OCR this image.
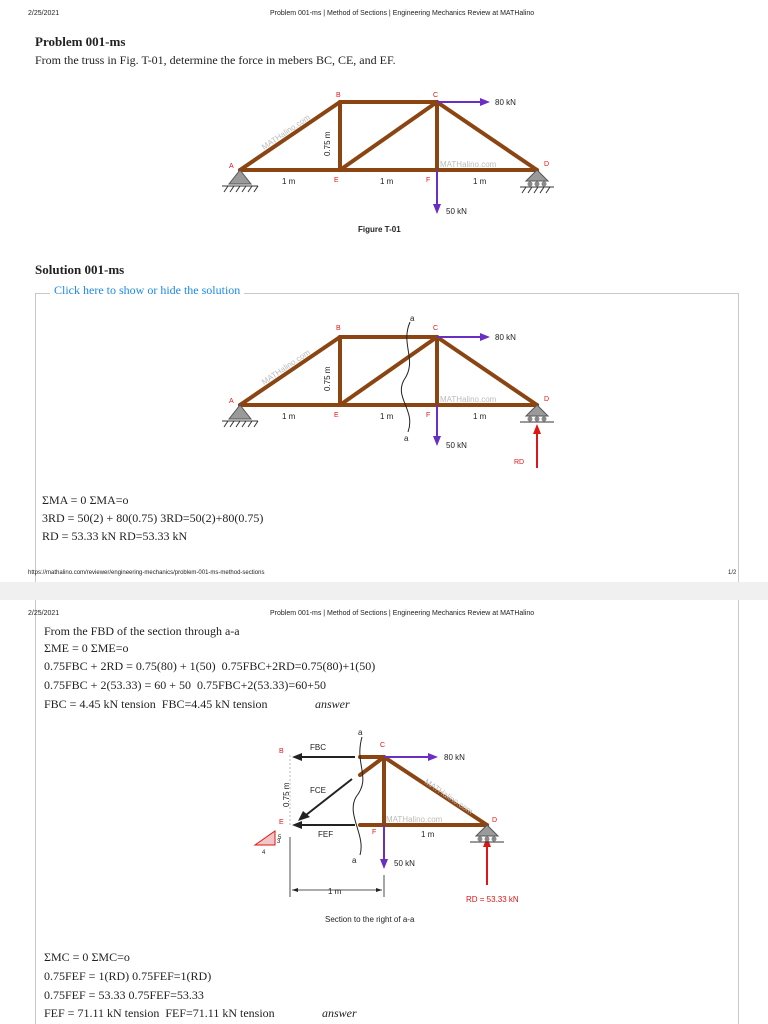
2/25/2021	Problem 001-ms | Method of Sections | Engineering Mechanics Review at MATHalino
Problem 001-ms
From the truss in Fig. T-01, determine the force in mebers BC, CE, and EF.
A
B	C
D
E	F
1 m	1 m	1 m
0.75 m
80 kN
50 kN
MATHalino.com
MATHalino.com
Figure T-01
Solution 001-ms
Click here to show or hide the solution
A
B	C
D
E	F
RD
1 m	1 m	1 m
0.75 m
80 kN
50 kN
a
a
MATHalino.com
MATHalino.com
ΣMA = 0 ΣMA=o
3RD = 50(2) + 80(0.75) 3RD=50(2)+80(0.75)
RD = 53.33 kN RD=53.33 kN
https://mathalino.com/reviewer/engineering-mechanics/problem-001-ms-method-sections	1/2
2/25/2021	Problem 001-ms | Method of Sections | Engineering Mechanics Review at MATHalino
From the FBD of the section through a-a
ΣME = 0 ΣME=o
0.75FBC + 2RD = 0.75(80) + 1(50) 0.75FBC+2RD=0.75(80)+1(50)
0.75FBC + 2(53.33) = 60 + 50 0.75FBC+2(53.33)=60+50
FBC = 4.45 kN tension FBC=4.45 kN tension	answer
B
C
E
F
D
FBC
FCE
FEF
a
a
80 kN
50 kN
1 m
0.75 m
5
3
4
1 m
RD = 53.33 kN
MATHalino.com
MATHalino.com
Section to the right of a-a
ΣMC = 0 ΣMC=o
0.75FEF = 1(RD) 0.75FEF=1(RD)
0.75FEF = 53.33 0.75FEF=53.33
FEF = 71.11 kN tension FEF=71.11 kN tension	answer
